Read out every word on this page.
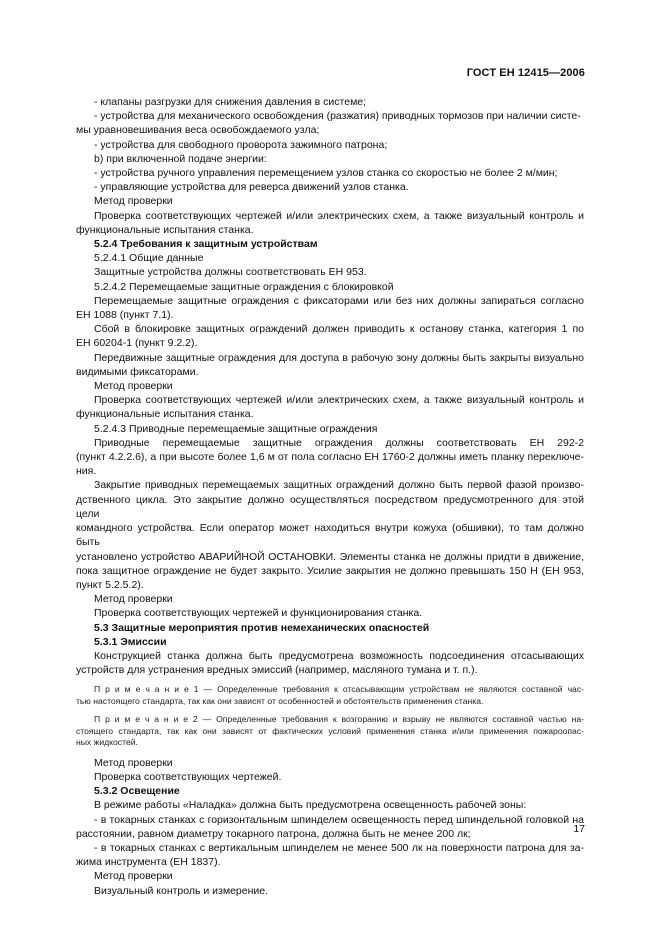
ГОСТ ЕН 12415—2006
- клапаны разгрузки для снижения давления в системе;
- устройства для механического освобождения (разжатия) приводных тормозов при наличии систе-
мы уравновешивания веса освобождаемого узла;
- устройства для свободного проворота зажимного патрона;
b) при включенной подаче энергии:
- устройства ручного управления перемещением узлов станка со скоростью не более 2 м/мин;
- управляющие устройства для реверса движений узлов станка.
Метод проверки
Проверка соответствующих чертежей и/или электрических схем, а также визуальный контроль и
функциональные испытания станка.
5.2.4 Требования к защитным устройствам
5.2.4.1 Общие данные
Защитные устройства должны соответствовать ЕН 953.
5.2.4.2 Перемещаемые защитные ограждения с блокировкой
Перемещаемые защитные ограждения с фиксаторами или без них должны запираться согласно
ЕН 1088 (пункт 7.1).
Сбой в блокировке защитных ограждений должен приводить к останову станка, категория 1 по
ЕН 60204-1 (пункт 9.2.2).
Передвижные защитные ограждения для доступа в рабочую зону должны быть закрыты визуально
видимыми фиксаторами.
Метод проверки
Проверка соответствующих чертежей и/или электрических схем, а также визуальный контроль и
функциональные испытания станка.
5.2.4.3 Приводные перемещаемые защитные ограждения
Приводные перемещаемые защитные ограждения должны соответствовать ЕН 292-2
(пункт 4.2.2.6), а при высоте более 1,6 м от пола согласно ЕН 1760-2 должны иметь планку переключе-
ния.
Закрытие приводных перемещаемых защитных ограждений должно быть первой фазой произво-
дственного цикла. Это закрытие должно осуществляться посредством предусмотренного для этой цели
командного устройства. Если оператор может находиться внутри кожуха (обшивки), то там должно быть
установлено устройство АВАРИЙНОЙ ОСТАНОВКИ. Элементы станка не должны придти в движение,
пока защитное ограждение не будет закрыто. Усилие закрытия не должно превышать 150 Н (ЕН 953,
пункт 5.2.5.2).
Метод проверки
Проверка соответствующих чертежей и функционирования станка.
5.3 Защитные мероприятия против немеханических опасностей
5.3.1 Эмиссии
Конструкцией станка должна быть предусмотрена возможность подсоединения отсасывающих
устройств для устранения вредных эмиссий (например, масляного тумана и т. п.).
П р и м е ч а н и е 1 — Определенные требования к отсасывающим устройствам не являются составной час-
тью настоящего стандарта, так как они зависят от особенностей и обстоятельств применения станка.
П р и м е ч а н и е 2 — Определенные требования к возгоранию и взрыву не являются составной частью на-
стоящего стандарта, так как они зависят от фактических условий применения станка и/или применения пожароопас-
ных жидкостей.
Метод проверки
Проверка соответствующих чертежей.
5.3.2 Освещение
В режиме работы «Наладка» должна быть предусмотрена освещенность рабочей зоны:
- в токарных станках с горизонтальным шпинделем освещенность перед шпиндельной головкой на
расстоянии, равном диаметру токарного патрона, должна быть не менее 200 лк;
- в токарных станках с вертикальным шпинделем не менее 500 лк на поверхности патрона для за-
жима инструмента (ЕН 1837).
Метод проверки
Визуальный контроль и измерение.
17
